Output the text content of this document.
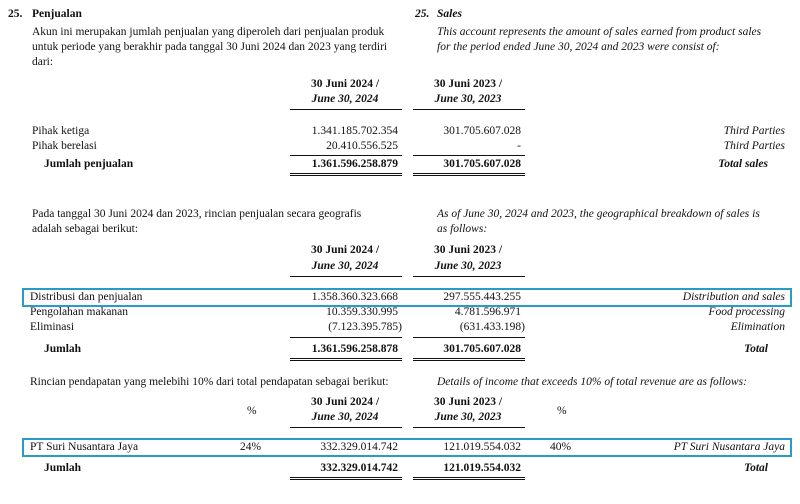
25. Penjualan	25. Sales
Akun ini merupakan jumlah penjualan yang diperoleh dari penjualan produk
untuk periode yang berakhir pada tanggal 30 Juni 2024 dan 2023 yang terdiri
dari:
This account represents the amount of sales earned from product sales
for the period ended June 30, 2024 and 2023 were consist of:
30 Juni 2024 /
June 30, 2024
30 Juni 2023 /
June 30, 2023
Pihak ketiga	1.341.185.702.354	301.705.607.028	Third Parties
Pihak berelasi	20.410.556.525	-	Third Parties
Jumlah penjualan	1.361.596.258.879	301.705.607.028	Total sales
Pada tanggal 30 Juni 2024 dan 2023, rincian penjualan secara geografis
adalah sebagai berikut:
As of June 30, 2024 and 2023, the geographical breakdown of sales is
as follows:
30 Juni 2024 /
June 30, 2024
30 Juni 2023 /
June 30, 2023
Distribusi dan penjualan	1.358.360.323.668	297.555.443.255	Distribution and sales
Pengolahan makanan	10.359.330.995	4.781.596.971	Food processing
Eliminasi	(7.123.395.785)	(631.433.198)	Elimination
Jumlah	1.361.596.258.878	301.705.607.028	Total
Rincian pendapatan yang melebihi 10% dari total pendapatan sebagai berikut:	Details of income that exceeds 10% of total revenue are as follows:
%
30 Juni 2024 /
June 30, 2024
30 Juni 2023 /
June 30, 2023	%
PT Suri Nusantara Jaya	24%	332.329.014.742	121.019.554.032	40%	PT Suri Nusantara Jaya
Jumlah	332.329.014.742	121.019.554.032	Total
